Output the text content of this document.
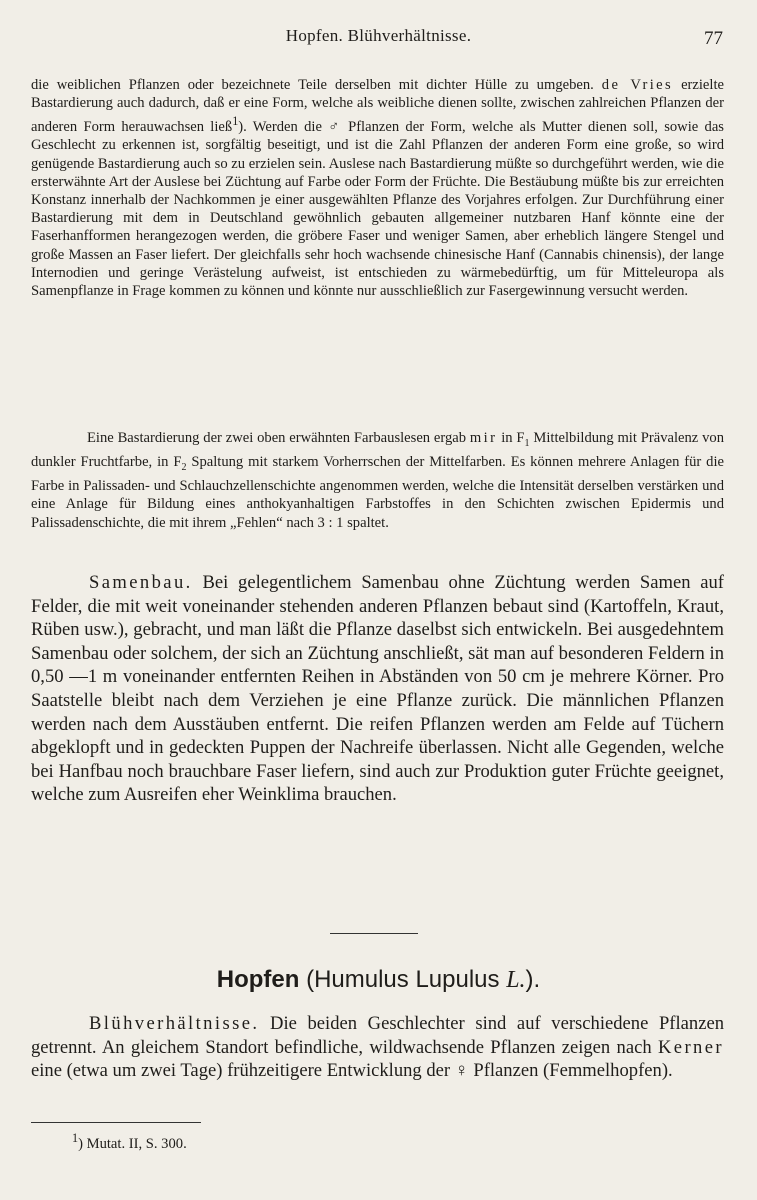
Hopfen. Blühverhältnisse.	77

die weiblichen Pflanzen oder bezeichnete Teile derselben mit dichter Hülle zu umgeben. de Vries erzielte Bastardierung auch dadurch, daß er eine Form, welche als weibliche dienen sollte, zwischen zahlreichen Pflanzen der anderen Form herauwachsen ließ$^1$). Werden die ♂ Pflanzen der Form, welche als Mutter dienen soll, sowie das Geschlecht zu erkennen ist, sorgfältig beseitigt, und ist die Zahl Pflanzen der anderen Form eine große, so wird genügende Bastardierung auch so zu erzielen sein. Auslese nach Bastardierung müßte so durchgeführt werden, wie die ersterwähnte Art der Auslese bei Züchtung auf Farbe oder Form der Früchte. Die Bestäubung müßte bis zur erreichten Konstanz innerhalb der Nachkommen je einer ausgewählten Pflanze des Vorjahres erfolgen. Zur Durchführung einer Bastardierung mit dem in Deutschland gewöhnlich gebauten allgemeiner nutzbaren Hanf könnte eine der Faserhanfformen herangezogen werden, die gröbere Faser und weniger Samen, aber erheblich längere Stengel und große Massen an Faser liefert. Der gleichfalls sehr hoch wachsende chinesische Hanf (Cannabis chinensis), der lange Internodien und geringe Verästelung aufweist, ist entschieden zu wärmebedürftig, um für Mitteleuropa als Samenpflanze in Frage kommen zu können und könnte nur ausschließlich zur Fasergewinnung versucht werden.

Eine Bastardierung der zwei oben erwähnten Farbauslesen ergab mir in $F_1$ Mittelbildung mit Prävalenz von dunkler Fruchtfarbe, in $F_2$ Spaltung mit starkem Vorherrschen der Mittelfarben. Es können mehrere Anlagen für die Farbe in Palissaden- und Schlauchzellenschichte angenommen werden, welche die Intensität derselben verstärken und eine Anlage für Bildung eines anthokyanhaltigen Farbstoffes in den Schichten zwischen Epidermis und Palissadenschichte, die mit ihrem „Fehlen“ nach 3 : 1 spaltet.

Samenbau. Bei gelegentlichem Samenbau ohne Züchtung werden Samen auf Felder, die mit weit voneinander stehenden anderen Pflanzen bebaut sind (Kartoffeln, Kraut, Rüben usw.), gebracht, und man läßt die Pflanze daselbst sich entwickeln. Bei ausgedehntem Samenbau oder solchem, der sich an Züchtung anschließt, sät man auf besonderen Feldern in 0,50 —1 m voneinander entfernten Reihen in Abständen von 50 cm je mehrere Körner. Pro Saatstelle bleibt nach dem Verziehen je eine Pflanze zurück. Die männlichen Pflanzen werden nach dem Ausstäuben entfernt. Die reifen Pflanzen werden am Felde auf Tüchern abgeklopft und in gedeckten Puppen der Nachreife überlassen. Nicht alle Gegenden, welche bei Hanfbau noch brauchbare Faser liefern, sind auch zur Produktion guter Früchte geeignet, welche zum Ausreifen eher Weinklima brauchen.

Hopfen (Humulus Lupulus L.).

Blühverhältnisse. Die beiden Geschlechter sind auf verschiedene Pflanzen getrennt. An gleichem Standort befindliche, wildwachsende Pflanzen zeigen nach Kerner eine (etwa um zwei Tage) frühzeitigere Entwicklung der ♀ Pflanzen (Femmelhopfen).

$^1$) Mutat. II, S. 300.
